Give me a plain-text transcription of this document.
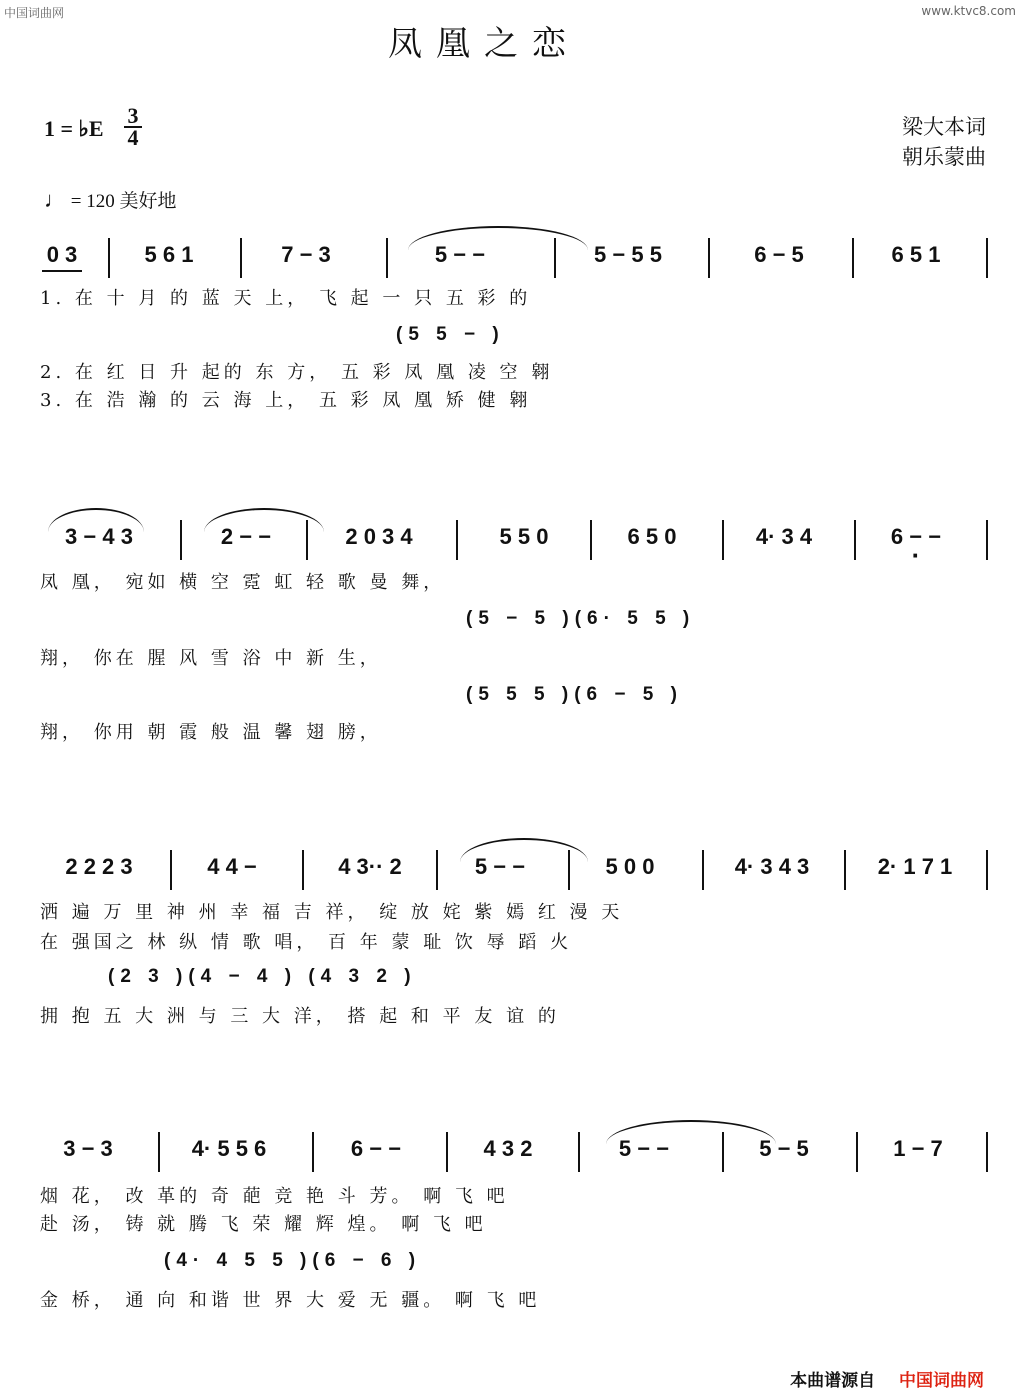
中国词曲网	www.ktvc8.com
凤凰之恋
梁大本词
朝乐蒙曲
1 = ♭E
3
4
♩ = 120 美好地
0 3	5 6 1	7 − 3	5 − −	5 − 5 5	6 − 5	6 5 1
1. 在 十 月 的 蓝 天 上， 飞 起 一 只 五 彩 的
(5 5 − )
2. 在 红 日 升 起的 东 方， 五 彩 凤 凰 凌 空 翱
3. 在 浩 瀚 的 云 海 上， 五 彩 凤 凰 矫 健 翱
3 − 4 3	2 − −	2 0 3 4	5 5 0	6 5 0	4· 3 4	6 − − ·
凤 凰， 宛如 横 空 霓 虹 轻 歌 曼 舞，
(5 − 5 )(6· 5 5 )
翔， 你在 腥 风 雪 浴 中 新 生，
(5 5 5 )(6 − 5 )
翔， 你用 朝 霞 般 温 馨 翅 膀，
2 2 2 3	4 4 −	4 3·· 2	5 − −	5 0 0	4· 3 4 3	2· 1 7 1
洒 遍 万 里 神 州 幸 福 吉 祥， 绽 放 姹 紫 嫣 红 漫 天
在 强国之 林 纵 情 歌 唱， 百 年 蒙 耻 饮 辱 蹈 火
(2 3 )(4 − 4 ) (4 3 2 )
拥 抱 五 大 洲 与 三 大 洋， 搭 起 和 平 友 谊 的
3 − 3	4· 5 5 6	6 − −	4 3 2	5 − −	5 − 5	1 − 7
烟 花， 改 革的 奇 葩 竞 艳 斗 芳。 啊 飞 吧
赴 汤， 铸 就 腾 飞 荣 耀 辉 煌。 啊 飞 吧
(4· 4 5 5 )(6 − 6 )
金 桥， 通 向 和谐 世 界 大 爱 无 疆。 啊 飞 吧
本曲谱源自 中国词曲网
